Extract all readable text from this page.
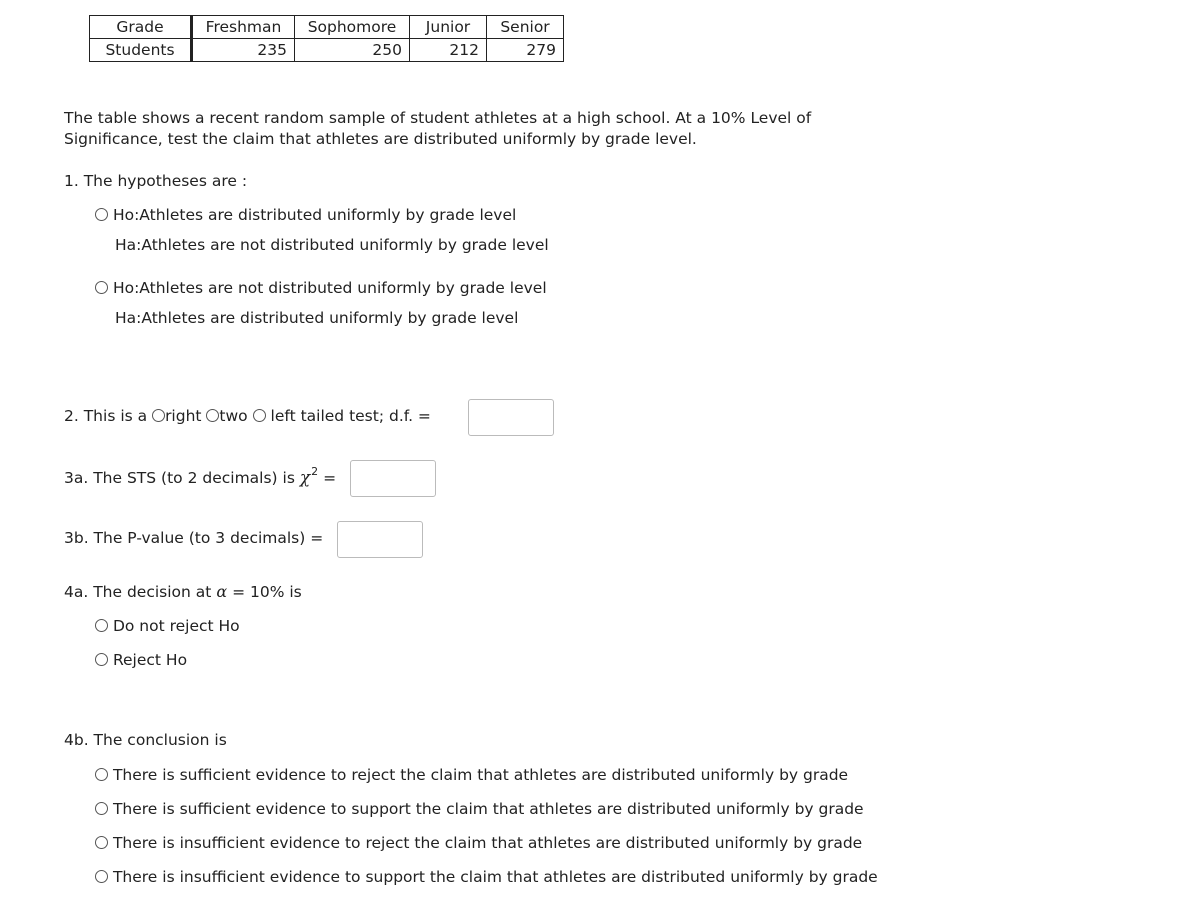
Grade	Freshman	Sophomore	Junior	Senior
Students	235	250	212	279
The table shows a recent random sample of student athletes at a high school. At a 10% Level of
Significance, test the claim that athletes are distributed uniformly by grade level.
1. The hypotheses are :
Ho:Athletes are distributed uniformly by grade level
Ha:Athletes are not distributed uniformly by grade level
Ho:Athletes are not distributed uniformly by grade level
Ha:Athletes are distributed uniformly by grade level
2. This is a right two left tailed test; d.f. =
3a. The STS (to 2 decimals) is $\chi^2$ =
3b. The P-value (to 3 decimals) =
4a. The decision at α = 10% is
Do not reject Ho
Reject Ho
4b. The conclusion is
There is sufficient evidence to reject the claim that athletes are distributed uniformly by grade
There is sufficient evidence to support the claim that athletes are distributed uniformly by grade
There is insufficient evidence to reject the claim that athletes are distributed uniformly by grade
There is insufficient evidence to support the claim that athletes are distributed uniformly by grade
